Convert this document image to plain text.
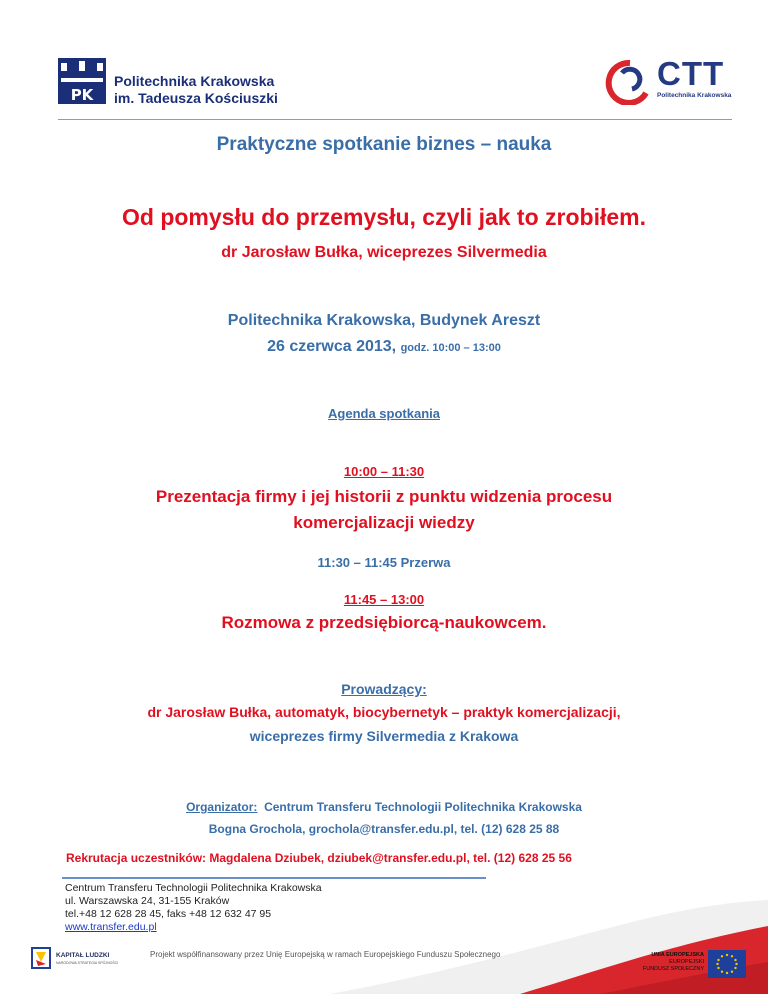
PK
Politechnika Krakowska
im. Tadeusza Kościuszki
CTT
Politechnika Krakowska
Praktyczne spotkanie biznes – nauka
Od pomysłu do przemysłu, czyli jak to zrobiłem.
dr Jarosław Bułka, wiceprezes Silvermedia
Politechnika Krakowska, Budynek Areszt
26 czerwca 2013, godz. 10:00 – 13:00
Agenda spotkania
10:00 – 11:30
Prezentacja firmy i jej historii z punktu widzenia procesu
komercjalizacji wiedzy
11:30 – 11:45 Przerwa
11:45 – 13:00
Rozmowa z przedsiębiorcą-naukowcem.
Prowadzący:
dr Jarosław Bułka, automatyk, biocybernetyk – praktyk komercjalizacji,
wiceprezes firmy Silvermedia z Krakowa
Organizator: Centrum Transferu Technologii Politechnika Krakowska
Bogna Grochola, grochola@transfer.edu.pl, tel. (12) 628 25 88
Rekrutacja uczestników: Magdalena Dziubek, dziubek@transfer.edu.pl, tel. (12) 628 25 56
Centrum Transferu Technologii Politechnika Krakowska
ul. Warszawska 24, 31-155 Kraków
tel.+48 12 628 28 45, faks +48 12 632 47 95
www.transfer.edu.pl
KAPITAŁ LUDZKI
NARODOWA STRATEGIA SPÓJNOŚCI
Projekt współfinansowany przez Unię Europejską w ramach Europejskiego Funduszu Społecznego	UNIA EUROPEJSKA
EUROPEJSKI
FUNDUSZ SPOŁECZNY
